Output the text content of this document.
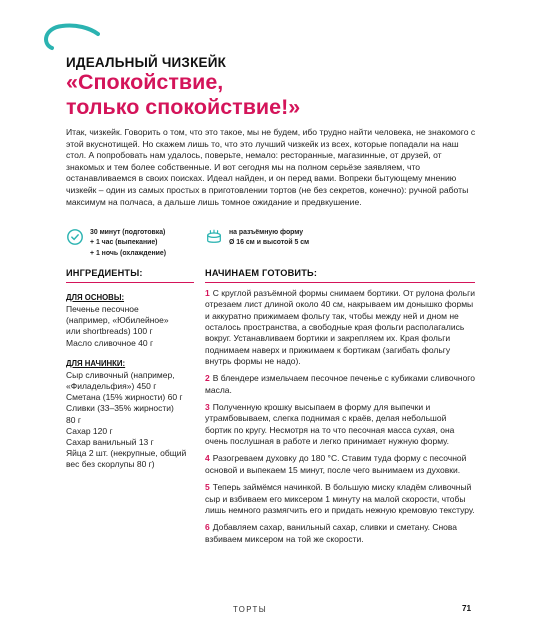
ИДЕАЛЬНЫЙ ЧИЗКЕЙК
«Спокойствие,
только спокойствие!»

Итак, чизкейк. Говорить о том, что это такое, мы не будем, ибо трудно найти человека, не знакомого с этой вкуснотищей. Но скажем лишь то, что это лучший чизкейк из всех, которые попадали на наш стол. А попробовать нам удалось, поверьте, немало: ресторанные, магазинные, от друзей, от знакомых и тем более собственные. И вот сегодня мы на полном серьёзе заявляем, что останавливаемся в своих поисках. Идеал найден, и он перед вами. Вопреки бытующему мнению чизкейк – один из самых простых в приготовлении тортов (не без секретов, конечно): ручной работы максимум на полчаса, а дальше лишь томное ожидание и предвкушение.

30 минут (подготовка)
+ 1 час (выпекание)
+ 1 ночь (охлаждение)
на разъёмную форму
Ø 16 см и высотой 5 см
ИНГРЕДИЕНТЫ:
ДЛЯ ОСНОВЫ:
Печенье песочное
(например, «Юбилейное»
или shortbreads) 100 г
Масло сливочное 40 г
ДЛЯ НАЧИНКИ:
Сыр сливочный (например,
«Филадельфия») 450 г
Сметана (15% жирности) 60 г
Сливки (33–35% жирности)
80 г
Сахар 120 г
Сахар ванильный 13 г
Яйца 2 шт. (некрупные, общий
вес без скорлупы 80 г)
НАЧИНАЕМ ГОТОВИТЬ:

1 С круглой разъёмной формы снимаем бортики. От рулона фольги отрезаем лист длиной около 40 см, накрываем им донышко формы и аккуратно прижимаем фольгу так, чтобы между ней и дном не осталось пространства, а свободные края фольги располагались вокруг. Устанавливаем бортики и закрепляем их. Края фольги поднимаем наверх и прижимаем к бортикам (загибать фольгу внутрь формы не надо).

2 В блендере измельчаем песочное печенье с кубиками сливочного масла.

3 Полученную крошку высыпаем в форму для выпечки и утрамбовываем, слегка поднимая с краёв, делая небольшой бортик по кругу. Несмотря на то что песочная масса сухая, она очень послушная в работе и легко принимает нужную форму.

4 Разогреваем духовку до 180 °С. Ставим туда форму с песочной основой и выпекаем 15 минут, после чего вынимаем из духовки.

5 Теперь займёмся начинкой. В большую миску кладём сливочный сыр и взбиваем его миксером 1 минуту на малой скорости, чтобы лишь немного размягчить его и придать нежную кремовую текстуру.

6 Добавляем сахар, ванильный сахар, сливки и сметану. Снова взбиваем миксером на той же скорости.

ТОРТЫ	71
